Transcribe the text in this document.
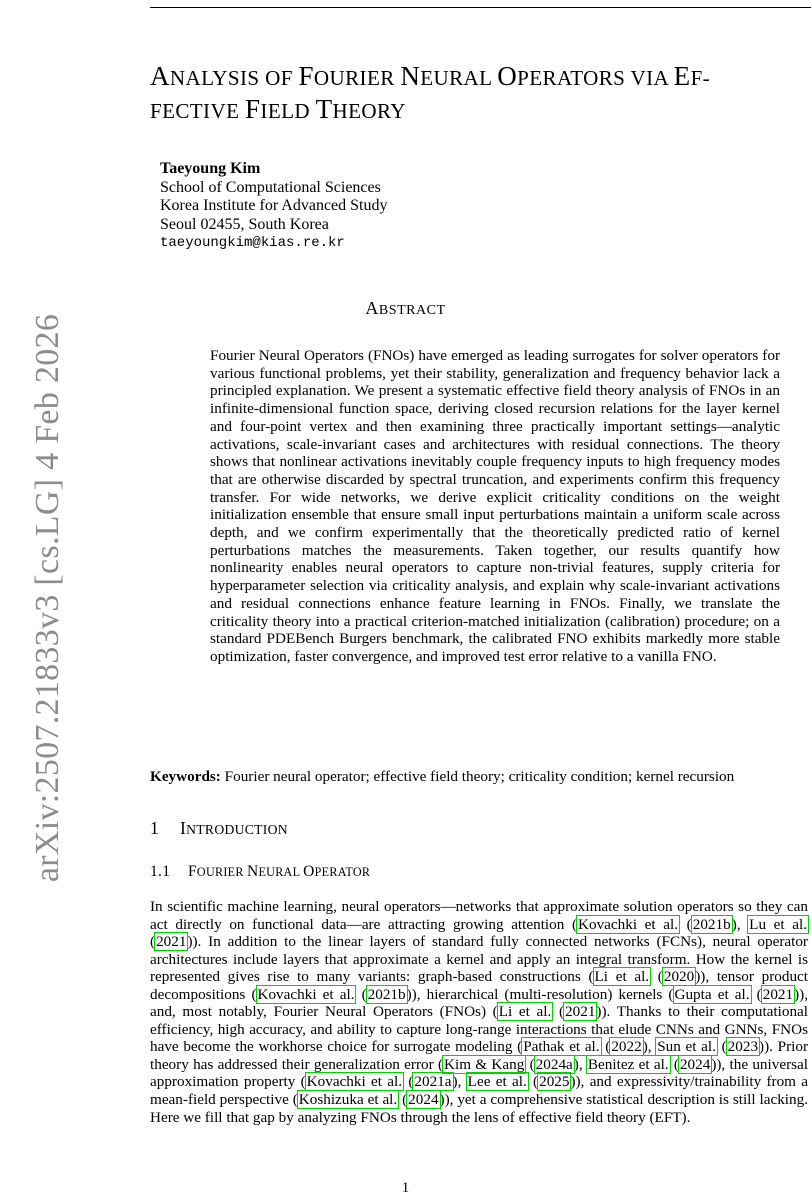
arXiv:2507.21833v3 [cs.LG] 4 Feb 2026
ANALYSIS OF FOURIER NEURAL OPERATORS VIA EF-
FECTIVE FIELD THEORY
Taeyoung Kim
School of Computational Sciences
Korea Institute for Advanced Study
Seoul 02455, South Korea
taeyoungkim@kias.re.kr
ABSTRACT
Fourier Neural Operators (FNOs) have emerged as leading surrogates for solver operators for various functional problems, yet their stability, generalization and frequency behavior lack a principled explanation. We present a systematic effective field theory analysis of FNOs in an infinite-dimensional function space, deriving closed recursion relations for the layer kernel and four-point vertex and then examining three practically important settings—analytic activations, scale-invariant cases and architectures with residual connections. The theory shows that nonlinear activations inevitably couple frequency inputs to high frequency modes that are otherwise discarded by spectral truncation, and experiments confirm this frequency transfer. For wide networks, we derive explicit criticality conditions on the weight initialization ensemble that ensure small input perturbations maintain a uniform scale across depth, and we confirm experimentally that the theoretically predicted ratio of kernel perturbations matches the measurements. Taken together, our results quantify how nonlinearity enables neural operators to capture non-trivial features, supply criteria for hyperparameter selection via criticality analysis, and explain why scale-invariant activations and residual connections enhance feature learning in FNOs. Finally, we translate the criticality theory into a practical criterion-matched initialization (calibration) procedure; on a standard PDEBench Burgers benchmark, the calibrated FNO exhibits markedly more stable optimization, faster convergence, and improved test error relative to a vanilla FNO.
Keywords: Fourier neural operator; effective field theory; criticality condition; kernel recursion
1 INTRODUCTION
1.1 FOURIER NEURAL OPERATOR
In scientific machine learning, neural operators—networks that approximate solution operators so they can act directly on functional data—are attracting growing attention (Kovachki et al. (2021b), Lu et al. (2021)). In addition to the linear layers of standard fully connected networks (FCNs), neural operator architectures include layers that approximate a kernel and apply an integral transform. How the kernel is represented gives rise to many variants: graph-based constructions (Li et al. (2020)), tensor product decompositions (Kovachki et al. (2021b)), hierarchical (multi-resolution) kernels (Gupta et al. (2021)), and, most notably, Fourier Neural Operators (FNOs) (Li et al. (2021)). Thanks to their computational efficiency, high accuracy, and ability to capture long-range interactions that elude CNNs and GNNs, FNOs have become the workhorse choice for surrogate modeling (Pathak et al. (2022), Sun et al. (2023)). Prior theory has addressed their generalization error (Kim & Kang (2024a), Benitez et al. (2024)), the universal approximation property (Kovachki et al. (2021a), Lee et al. (2025)), and expressivity/trainability from a mean-field perspective (Koshizuka et al. (2024)), yet a comprehensive statistical description is still lacking. Here we fill that gap by analyzing FNOs through the lens of effective field theory (EFT).
1
